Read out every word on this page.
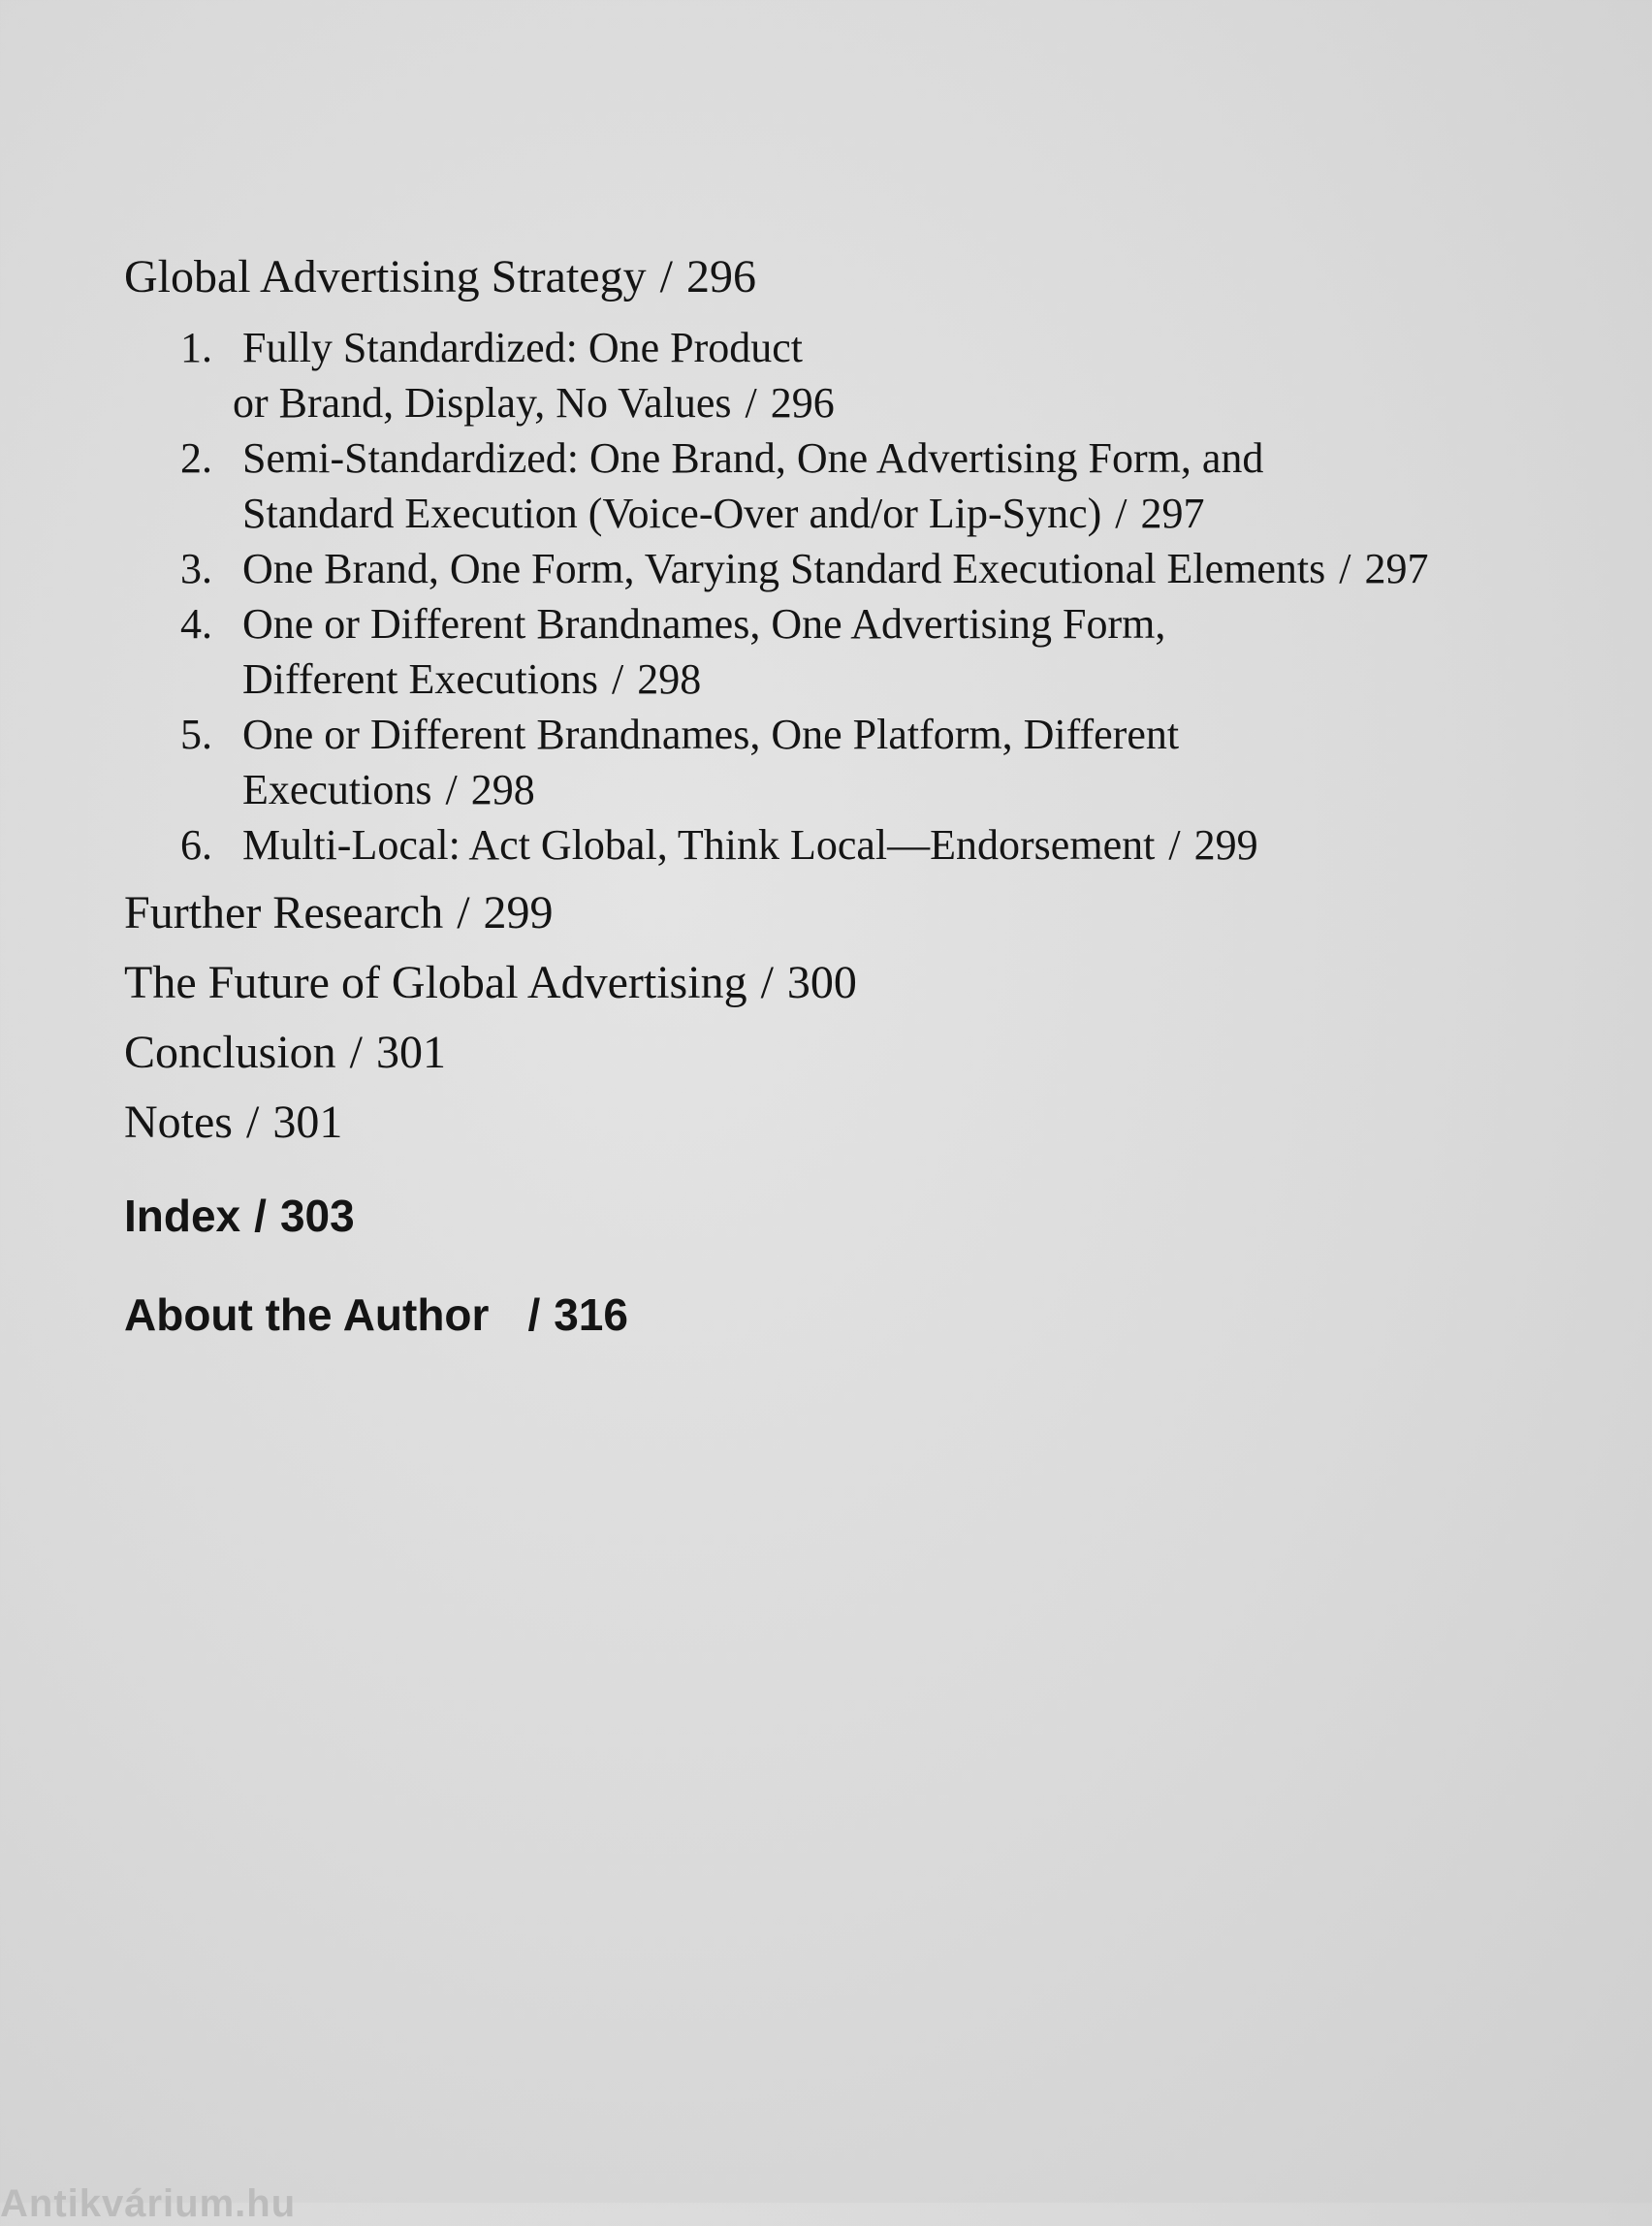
Global Advertising Strategy / 296
1. Fully Standardized: One Product
or Brand, Display, No Values / 296
2. Semi-Standardized: One Brand, One Advertising Form, and
Standard Execution (Voice-Over and/or Lip-Sync) / 297
3. One Brand, One Form, Varying Standard Executional Elements / 297
4. One or Different Brandnames, One Advertising Form,
Different Executions / 298
5. One or Different Brandnames, One Platform, Different
Executions / 298
6. Multi-Local: Act Global, Think Local—Endorsement / 299
Further Research / 299
The Future of Global Advertising / 300
Conclusion / 301
Notes / 301
Index / 303
About the Author / 316
Antikvárium.hu
